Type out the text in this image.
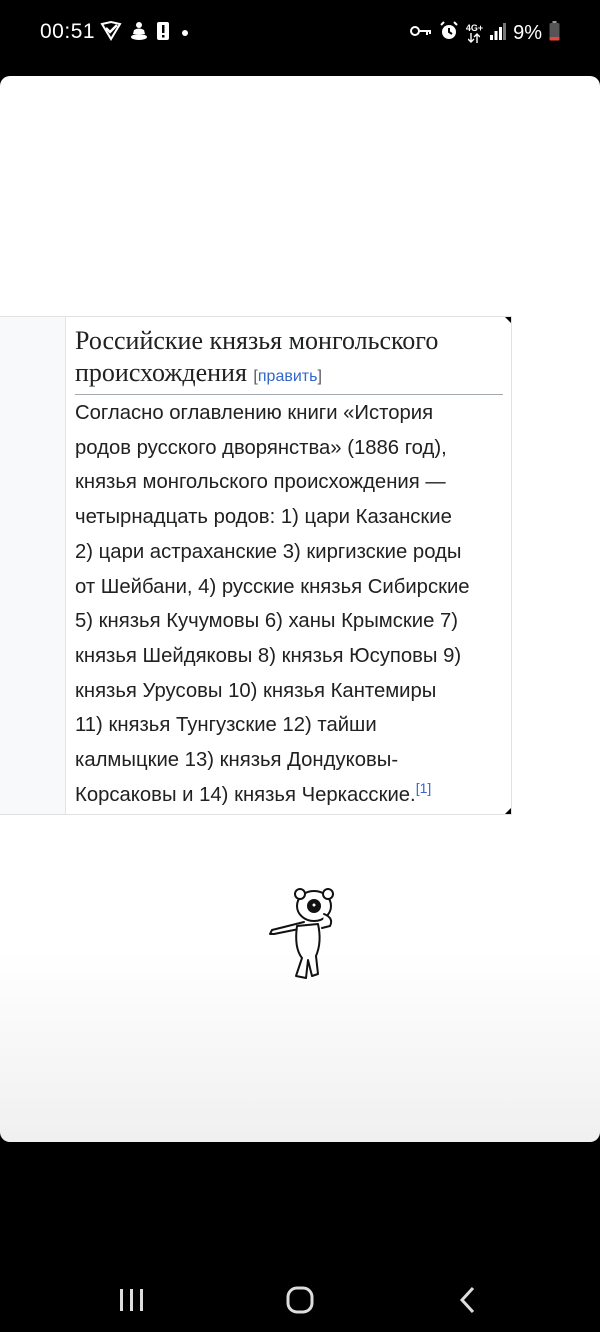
00:51	4G+ 9%
Российские князья монгольского происхождения [править]

Согласно оглавлению книги «История
родов русского дворянства» (1886 год),
князья монгольского происхождения —
четырнадцать родов: 1) цари Казанские
2) цари астраханские 3) киргизские роды
от Шейбани, 4) русские князья Сибирские
5) князья Кучумовы 6) ханы Крымские 7)
князья Шейдяковы 8) князья Юсуповы 9)
князья Урусовы 10) князья Кантемиры
11) князья Тунгузские 12) тайши
калмыцкие 13) князья Дондуковы-
Корсаковы и 14) князья Черкасские.[1]
